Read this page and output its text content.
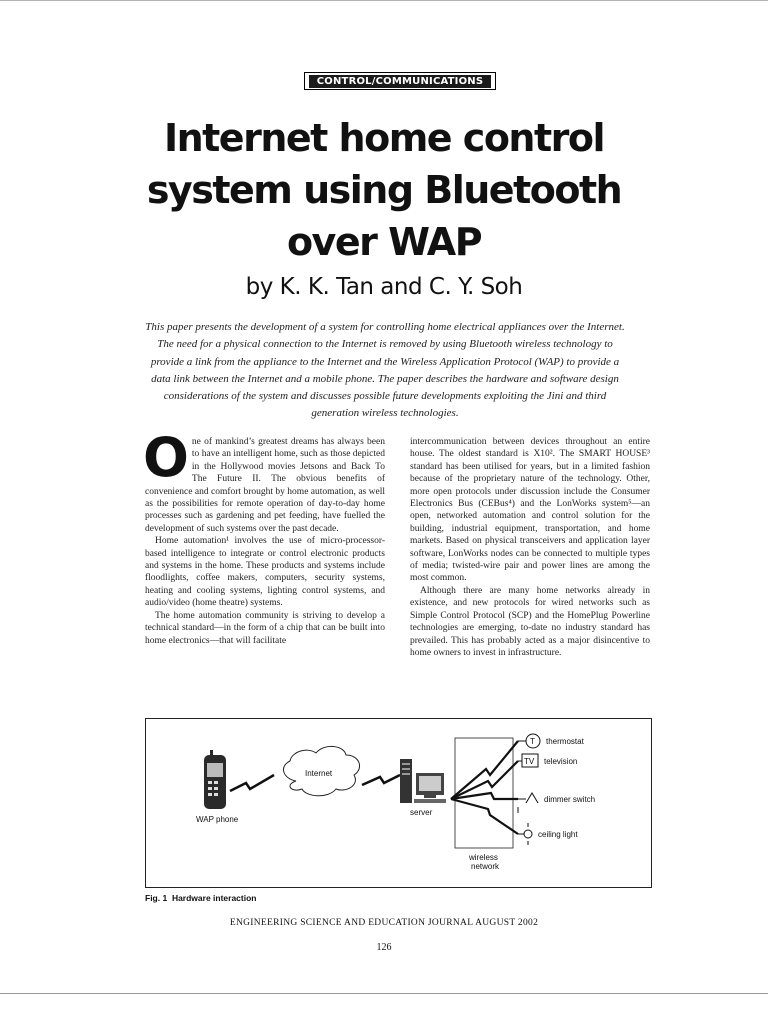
CONTROL/COMMUNICATIONS
Internet home control
system using Bluetooth
over WAP
by K. K. Tan and C. Y. Soh
This paper presents the development of a system for controlling home electrical appliances over the Internet. The need for a physical connection to the Internet is removed by using Bluetooth wireless technology to provide a link from the appliance to the Internet and the Wireless Application Protocol (WAP) to provide a data link between the Internet and a mobile phone. The paper describes the hardware and software design considerations of the system and discusses possible future developments exploiting the Jini and third generation wireless technologies.

One of mankind’s greatest dreams has always been to have an intelligent home, such as those depicted in the Hollywood movies Jetsons and Back To The Future II. The obvious benefits of convenience and comfort brought by home automation, as well as the possibilities for remote operation of day-to-day home processes such as gardening and pet feeding, have fuelled the development of such systems over the past decade.

Home automation¹ involves the use of micro-processor-based intelligence to integrate or control electronic products and systems in the home. These products and systems include floodlights, coffee makers, computers, security systems, heating and cooling systems, lighting control systems, and audio/video (home theatre) systems.

The home automation community is striving to develop a technical standard—in the form of a chip that can be built into home electronics—that will facilitate

intercommunication between devices throughout an entire house. The oldest standard is X10². The SMART HOUSE³ standard has been utilised for years, but in a limited fashion because of the proprietary nature of the technology. Other, more open protocols under discussion include the Consumer Electronics Bus (CEBus⁴) and the LonWorks system⁵—an open, networked automation and control solution for the building, industrial equipment, transportation, and home markets. Based on physical transceivers and application layer software, LonWorks nodes can be connected to multiple types of media; twisted-wire pair and power lines are among the most common.

Although there are many home networks already in existence, and new protocols for wired networks such as Simple Control Protocol (SCP) and the HomePlug Powerline technologies are emerging, to-date no industry standard has prevailed. This has probably acted as a major disincentive to home owners to invest in infrastructure.

WAP phone
Internet
server
wireless
network
T thermostat
TV television
dimmer switch
ceiling light
Fig. 1 Hardware interaction
ENGINEERING SCIENCE AND EDUCATION JOURNAL AUGUST 2002
126
